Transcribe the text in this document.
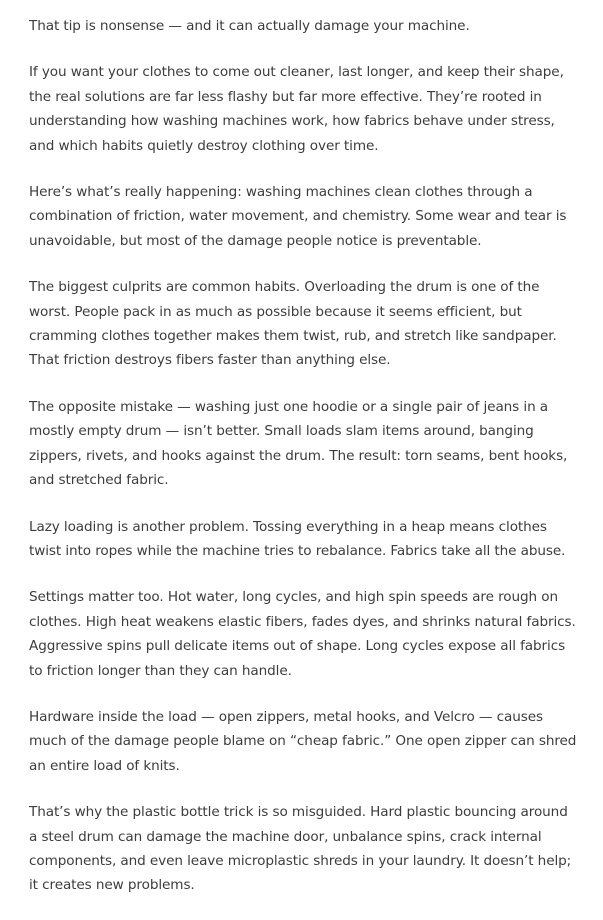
That tip is nonsense — and it can actually damage your machine.

If you want your clothes to come out cleaner, last longer, and keep their shape, the real solutions are far less flashy but far more effective. They’re rooted in understanding how washing machines work, how fabrics behave under stress, and which habits quietly destroy clothing over time.

Here’s what’s really happening: washing machines clean clothes through a combination of friction, water movement, and chemistry. Some wear and tear is unavoidable, but most of the damage people notice is preventable.

The biggest culprits are common habits. Overloading the drum is one of the worst. People pack in as much as possible because it seems efficient, but cramming clothes together makes them twist, rub, and stretch like sandpaper. That friction destroys fibers faster than anything else.

The opposite mistake — washing just one hoodie or a single pair of jeans in a mostly empty drum — isn’t better. Small loads slam items around, banging zippers, rivets, and hooks against the drum. The result: torn seams, bent hooks, and stretched fabric.

Lazy loading is another problem. Tossing everything in a heap means clothes twist into ropes while the machine tries to rebalance. Fabrics take all the abuse.

Settings matter too. Hot water, long cycles, and high spin speeds are rough on clothes. High heat weakens elastic fibers, fades dyes, and shrinks natural fabrics. Aggressive spins pull delicate items out of shape. Long cycles expose all fabrics to friction longer than they can handle.

Hardware inside the load — open zippers, metal hooks, and Velcro — causes much of the damage people blame on “cheap fabric.” One open zipper can shred an entire load of knits.

That’s why the plastic bottle trick is so misguided. Hard plastic bouncing around a steel drum can damage the machine door, unbalance spins, crack internal components, and even leave microplastic shreds in your laundry. It doesn’t help; it creates new problems.
